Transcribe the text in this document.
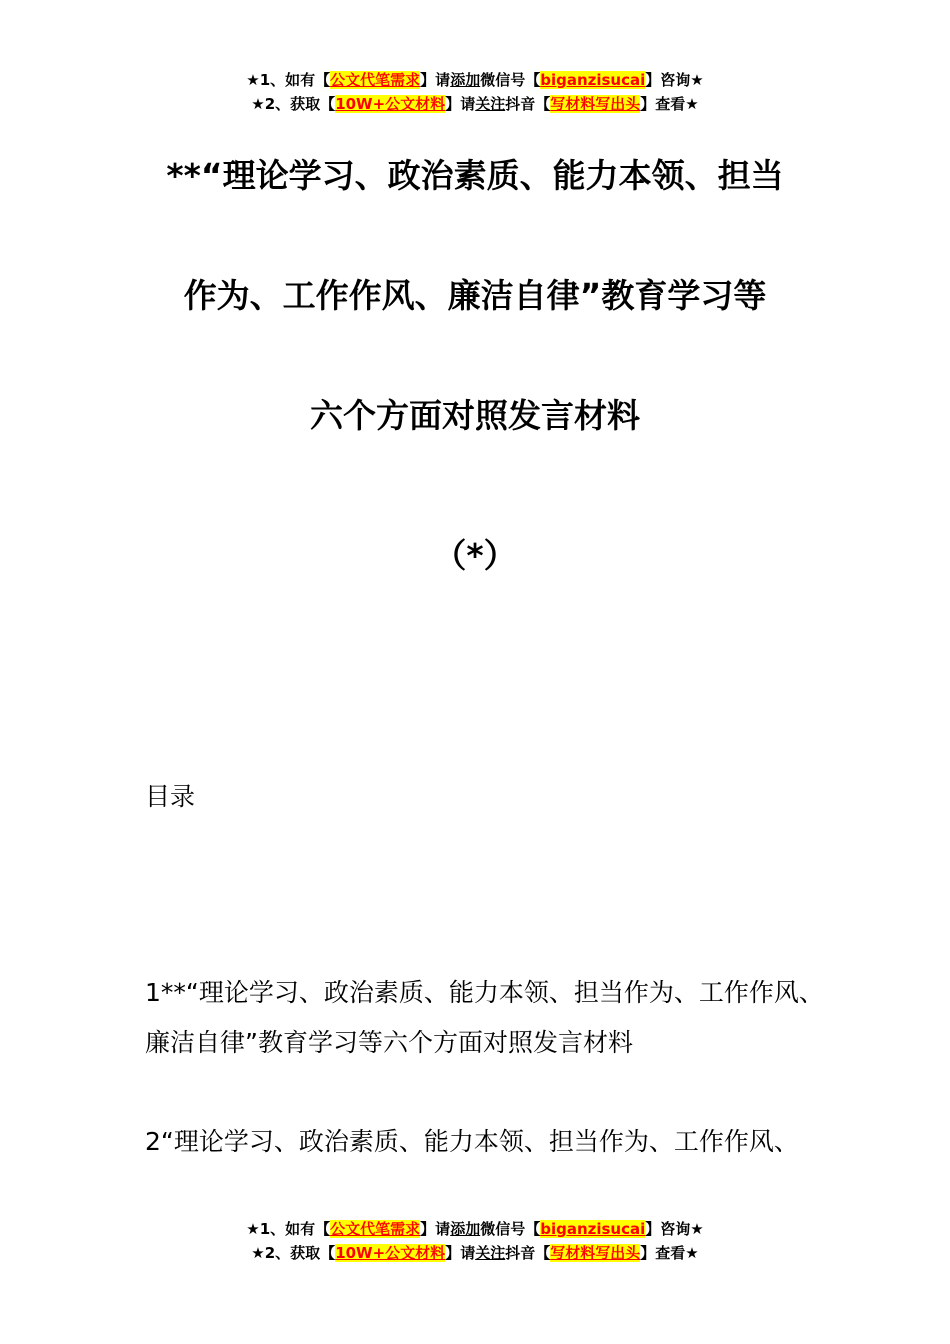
★1、如有【公文代笔需求】请添加微信号【biganzisucai】咨询★
★2、获取【10W+公文材料】请关注抖音【写材料写出头】查看★
**“理论学习、政治素质、能力本领、担当
作为、工作作风、廉洁自律”教育学习等
六个方面对照发言材料
（*）
目录
1**“理论学习、政治素质、能力本领、担当作为、工作作风、廉洁自律”教育学习等六个方面对照发言材料
2“理论学习、政治素质、能力本领、担当作为、工作作风、
★1、如有【公文代笔需求】请添加微信号【biganzisucai】咨询★
★2、获取【10W+公文材料】请关注抖音【写材料写出头】查看★
